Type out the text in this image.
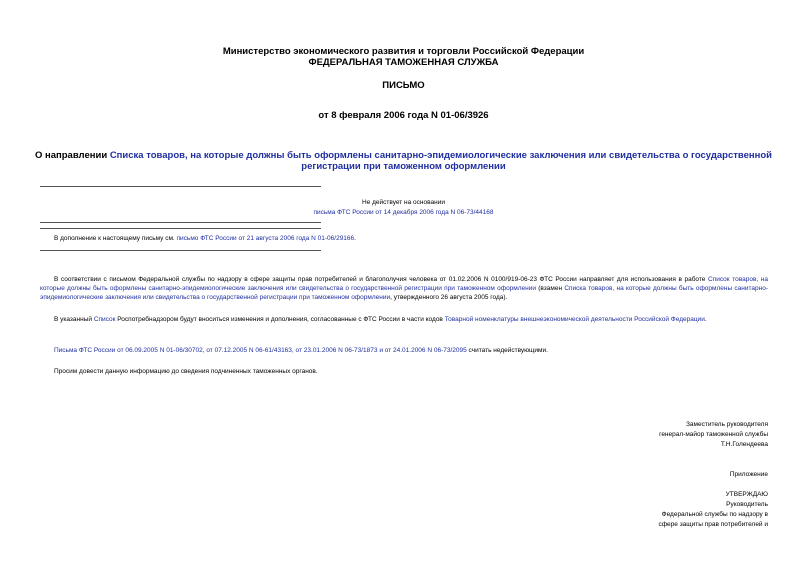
Министерство экономического развития и торговли Российской Федерации
ФЕДЕРАЛЬНАЯ ТАМОЖЕННАЯ СЛУЖБА
ПИСЬМО
от 8 февраля 2006 года N 01-06/3926
О направлении Списка товаров, на которые должны быть оформлены санитарно-эпидемиологические заключения или свидетельства о государственной
регистрации при таможенном оформлении
Не действует на основании
письма ФТС России от 14 декабря 2006 года N 06-73/44168
В дополнение к настоящему письму см. письмо ФТС России от 21 августа 2006 года N 01-06/29166.
В соответствии с письмом Федеральной службы по надзору в сфере защиты прав потребителей и благополучия человека от 01.02.2006 N 0100/919-06-23 ФТС России направляет для использования в работе Список товаров, на которые должны быть оформлены санитарно-эпидемиологические заключения или свидетельства о государственной регистрации при таможенном оформлении (взамен Списка товаров, на которые должны быть оформлены санитарно-эпидемиологические заключения или свидетельства о государственной регистрации при таможенном оформлении, утвержденного 26 августа 2005 года).
В указанный Список Роспотребнадзором будут вноситься изменения и дополнения, согласованные с ФТС России в части кодов Товарной номенклатуры внешнеэкономической деятельности Российской Федерации.
Письма ФТС России от 06.09.2005 N 01-06/30702, от 07.12.2005 N 06-61/43163, от 23.01.2006 N 06-73/1873 и от 24.01.2006 N 06-73/2095 считать недействующими.
Просим довести данную информацию до сведения подчиненных таможенных органов.
Заместитель руководителя
генерал-майор таможенной службы
Т.Н.Голендеева
Приложение
УТВЕРЖДАЮ
Руководитель
Федеральной службы по надзору в
сфере защиты прав потребителей и
